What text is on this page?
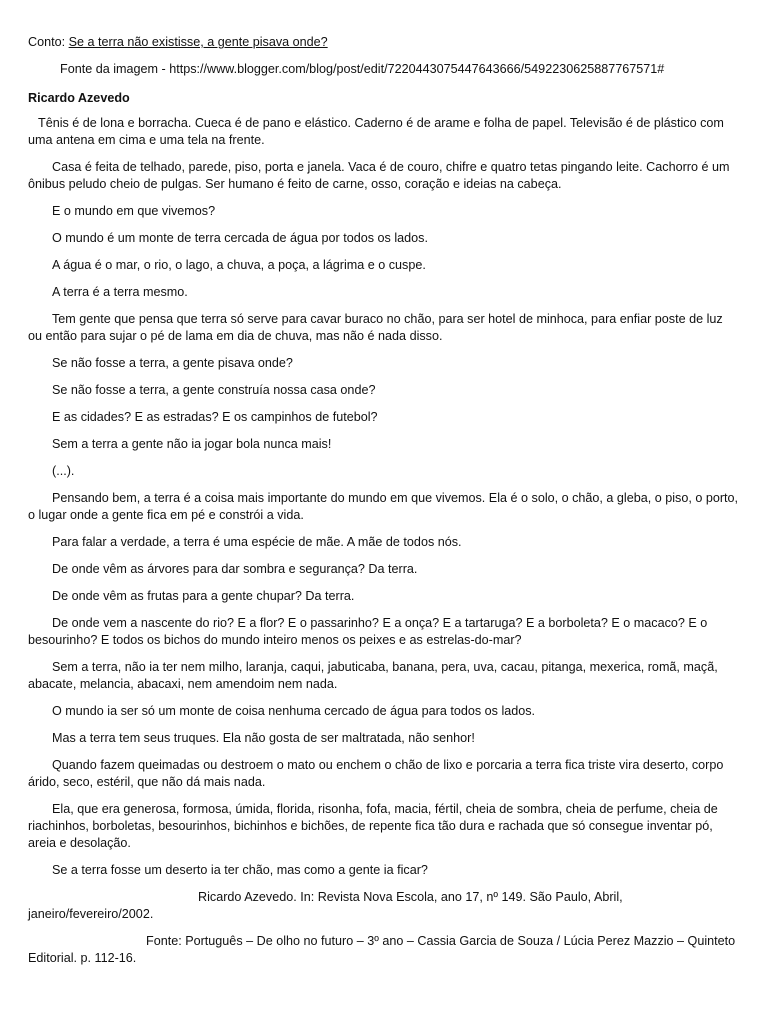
Conto: Se a terra não existisse, a gente pisava onde?
Fonte da imagem - https://www.blogger.com/blog/post/edit/7220443075447643666/5492230625887767571#
Ricardo Azevedo
Tênis é de lona e borracha. Cueca é de pano e elástico. Caderno é de arame e folha de papel. Televisão é de plástico com uma antena em cima e uma tela na frente.
Casa é feita de telhado, parede, piso, porta e janela. Vaca é de couro, chifre e quatro tetas pingando leite. Cachorro é um ônibus peludo cheio de pulgas. Ser humano é feito de carne, osso, coração e ideias na cabeça.
E o mundo em que vivemos?
O mundo é um monte de terra cercada de água por todos os lados.
A água é o mar, o rio, o lago, a chuva, a poça, a lágrima e o cuspe.
A terra é a terra mesmo.
Tem gente que pensa que terra só serve para cavar buraco no chão, para ser hotel de minhoca, para enfiar poste de luz ou então para sujar o pé de lama em dia de chuva, mas não é nada disso.
Se não fosse a terra, a gente pisava onde?
Se não fosse a terra, a gente construía nossa casa onde?
E as cidades? E as estradas? E os campinhos de futebol?
Sem a terra a gente não ia jogar bola nunca mais!
(...).
Pensando bem, a terra é a coisa mais importante do mundo em que vivemos. Ela é o solo, o chão, a gleba, o piso, o porto, o lugar onde a gente fica em pé e constrói a vida.
Para falar a verdade, a terra é uma espécie de mãe. A mãe de todos nós.
De onde vêm as árvores para dar sombra e segurança? Da terra.
De onde vêm as frutas para a gente chupar? Da terra.
De onde vem a nascente do rio? E a flor? E o passarinho? E a onça? E a tartaruga? E a borboleta? E o macaco? E o besourinho? E todos os bichos do mundo inteiro menos os peixes e as estrelas-do-mar?
Sem a terra, não ia ter nem milho, laranja, caqui, jabuticaba, banana, pera, uva, cacau, pitanga, mexerica, romã, maçã, abacate, melancia, abacaxi, nem amendoim nem nada.
O mundo ia ser só um monte de coisa nenhuma cercado de água para todos os lados.
Mas a terra tem seus truques. Ela não gosta de ser maltratada, não senhor!
Quando fazem queimadas ou destroem o mato ou enchem o chão de lixo e porcaria a terra fica triste vira deserto, corpo árido, seco, estéril, que não dá mais nada.
Ela, que era generosa, formosa, úmida, florida, risonha, fofa, macia, fértil, cheia de sombra, cheia de perfume, cheia de riachinhos, borboletas, besourinhos, bichinhos e bichões, de repente fica tão dura e rachada que só consegue inventar pó, areia e desolação.
Se a terra fosse um deserto ia ter chão, mas como a gente ia ficar?
Ricardo Azevedo. In: Revista Nova Escola, ano 17, nº 149. São Paulo, Abril, janeiro/fevereiro/2002.
Fonte: Português – De olho no futuro – 3º ano – Cassia Garcia de Souza / Lúcia Perez Mazzio – Quinteto Editorial. p. 112-16.
